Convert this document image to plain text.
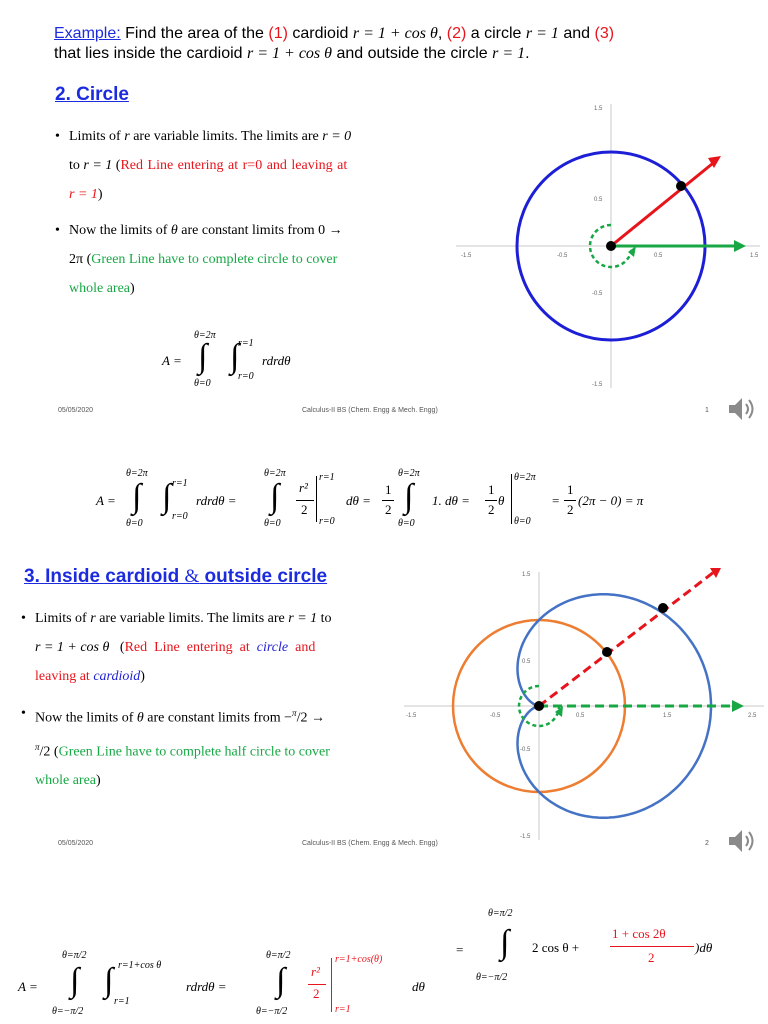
Example: Find the area of the (1) cardioid r = 1 + cos θ, (2) a circle r = 1 and (3)
that lies inside the cardioid r = 1 + cos θ and outside the circle r = 1.
2. Circle
• Limits of r are variable limits. The limits are r = 0
to r = 1 (Red Line entering at r=0 and leaving at
r = 1)
• Now the limits of θ are constant limits from 0 →
2π (Green Line have to complete circle to cover
whole area)
A =
θ=2π
∫
θ=0
r=1
∫
r=0
rdrdθ
-1.5	-0.5	0.5	1.5
1.5
0.5
-0.5
-1.5
05/05/2020	Calculus-II BS (Chem. Engg & Mech. Engg)	1
A =
θ=2π
∫
θ=0
r=1
∫
r=0
rdrdθ =
θ=2π
∫
θ=0
r²
2
r=1
r=0
dθ =
1
2
θ=2π
∫
θ=0
1. dθ =
1
2
θ
θ=2π
θ=0
=
1
2
(2π − 0) = π
3. Inside cardioid & outside circle
• Limits of r are variable limits. The limits are r = 1 to
r = 1 + cos θ   (Red  Line  entering  at  circle  and
leaving at cardioid)
• Now the limits of θ are constant limits from −$^\pi$/2 →
$^\pi$/2 (Green Line have to complete half circle to cover
whole area)
-1.5	-0.5	0.5	1.5	2.5
1.5
0.5
-0.5
-1.5
05/05/2020	Calculus-II BS (Chem. Engg & Mech. Engg)	2
A =
θ=π/2
∫
θ=−π/2
r=1+cos θ
∫
r=1
rdrdθ =
θ=π/2
∫
θ=−π/2
r²
2
r=1+cos(θ)
r=1
dθ
=
θ=π/2
∫
θ=−π/2
2 cos θ +
1 + cos 2θ
2
)dθ
